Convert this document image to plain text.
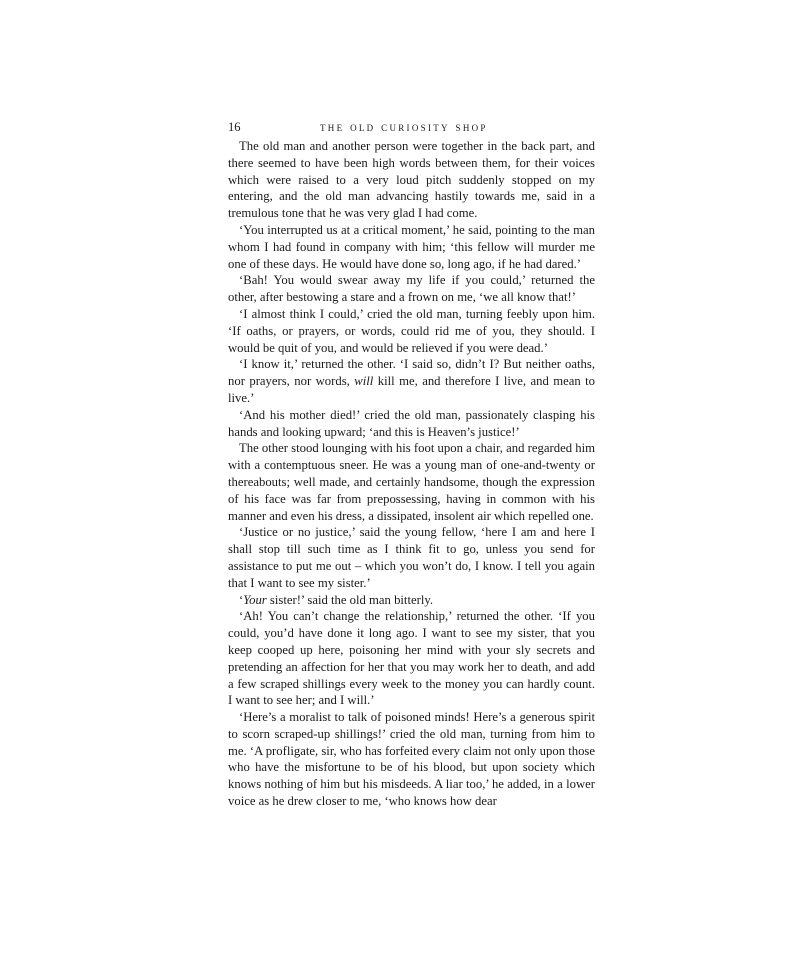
16	the old curiosity shop

The old man and another person were together in the back part, and there seemed to have been high words between them, for their voices which were raised to a very loud pitch suddenly stopped on my entering, and the old man advancing hastily towards me, said in a tremulous tone that he was very glad I had come.

‘You interrupted us at a critical moment,’ he said, pointing to the man whom I had found in company with him; ‘this fellow will murder me one of these days. He would have done so, long ago, if he had dared.’

‘Bah! You would swear away my life if you could,’ returned the other, after bestowing a stare and a frown on me, ‘we all know that!’

‘I almost think I could,’ cried the old man, turning feebly upon him. ‘If oaths, or prayers, or words, could rid me of you, they should. I would be quit of you, and would be relieved if you were dead.’

‘I know it,’ returned the other. ‘I said so, didn’t I? But neither oaths, nor prayers, nor words, will kill me, and therefore I live, and mean to live.’

‘And his mother died!’ cried the old man, passionately clasping his hands and looking upward; ‘and this is Heaven’s justice!’

The other stood lounging with his foot upon a chair, and regarded him with a contemptuous sneer. He was a young man of one-and-twenty or thereabouts; well made, and certainly handsome, though the expression of his face was far from prepossessing, having in common with his manner and even his dress, a dissipated, insolent air which repelled one.

‘Justice or no justice,’ said the young fellow, ‘here I am and here I shall stop till such time as I think fit to go, unless you send for assistance to put me out – which you won’t do, I know. I tell you again that I want to see my sister.’

‘Your sister!’ said the old man bitterly.

‘Ah! You can’t change the relationship,’ returned the other. ‘If you could, you’d have done it long ago. I want to see my sister, that you keep cooped up here, poisoning her mind with your sly secrets and pretending an affection for her that you may work her to death, and add a few scraped shillings every week to the money you can hardly count. I want to see her; and I will.’

‘Here’s a moralist to talk of poisoned minds! Here’s a generous spirit to scorn scraped-up shillings!’ cried the old man, turning from him to me. ‘A profligate, sir, who has forfeited every claim not only upon those who have the misfortune to be of his blood, but upon society which knows nothing of him but his misdeeds. A liar too,’ he added, in a lower voice as he drew closer to me, ‘who knows how dear
